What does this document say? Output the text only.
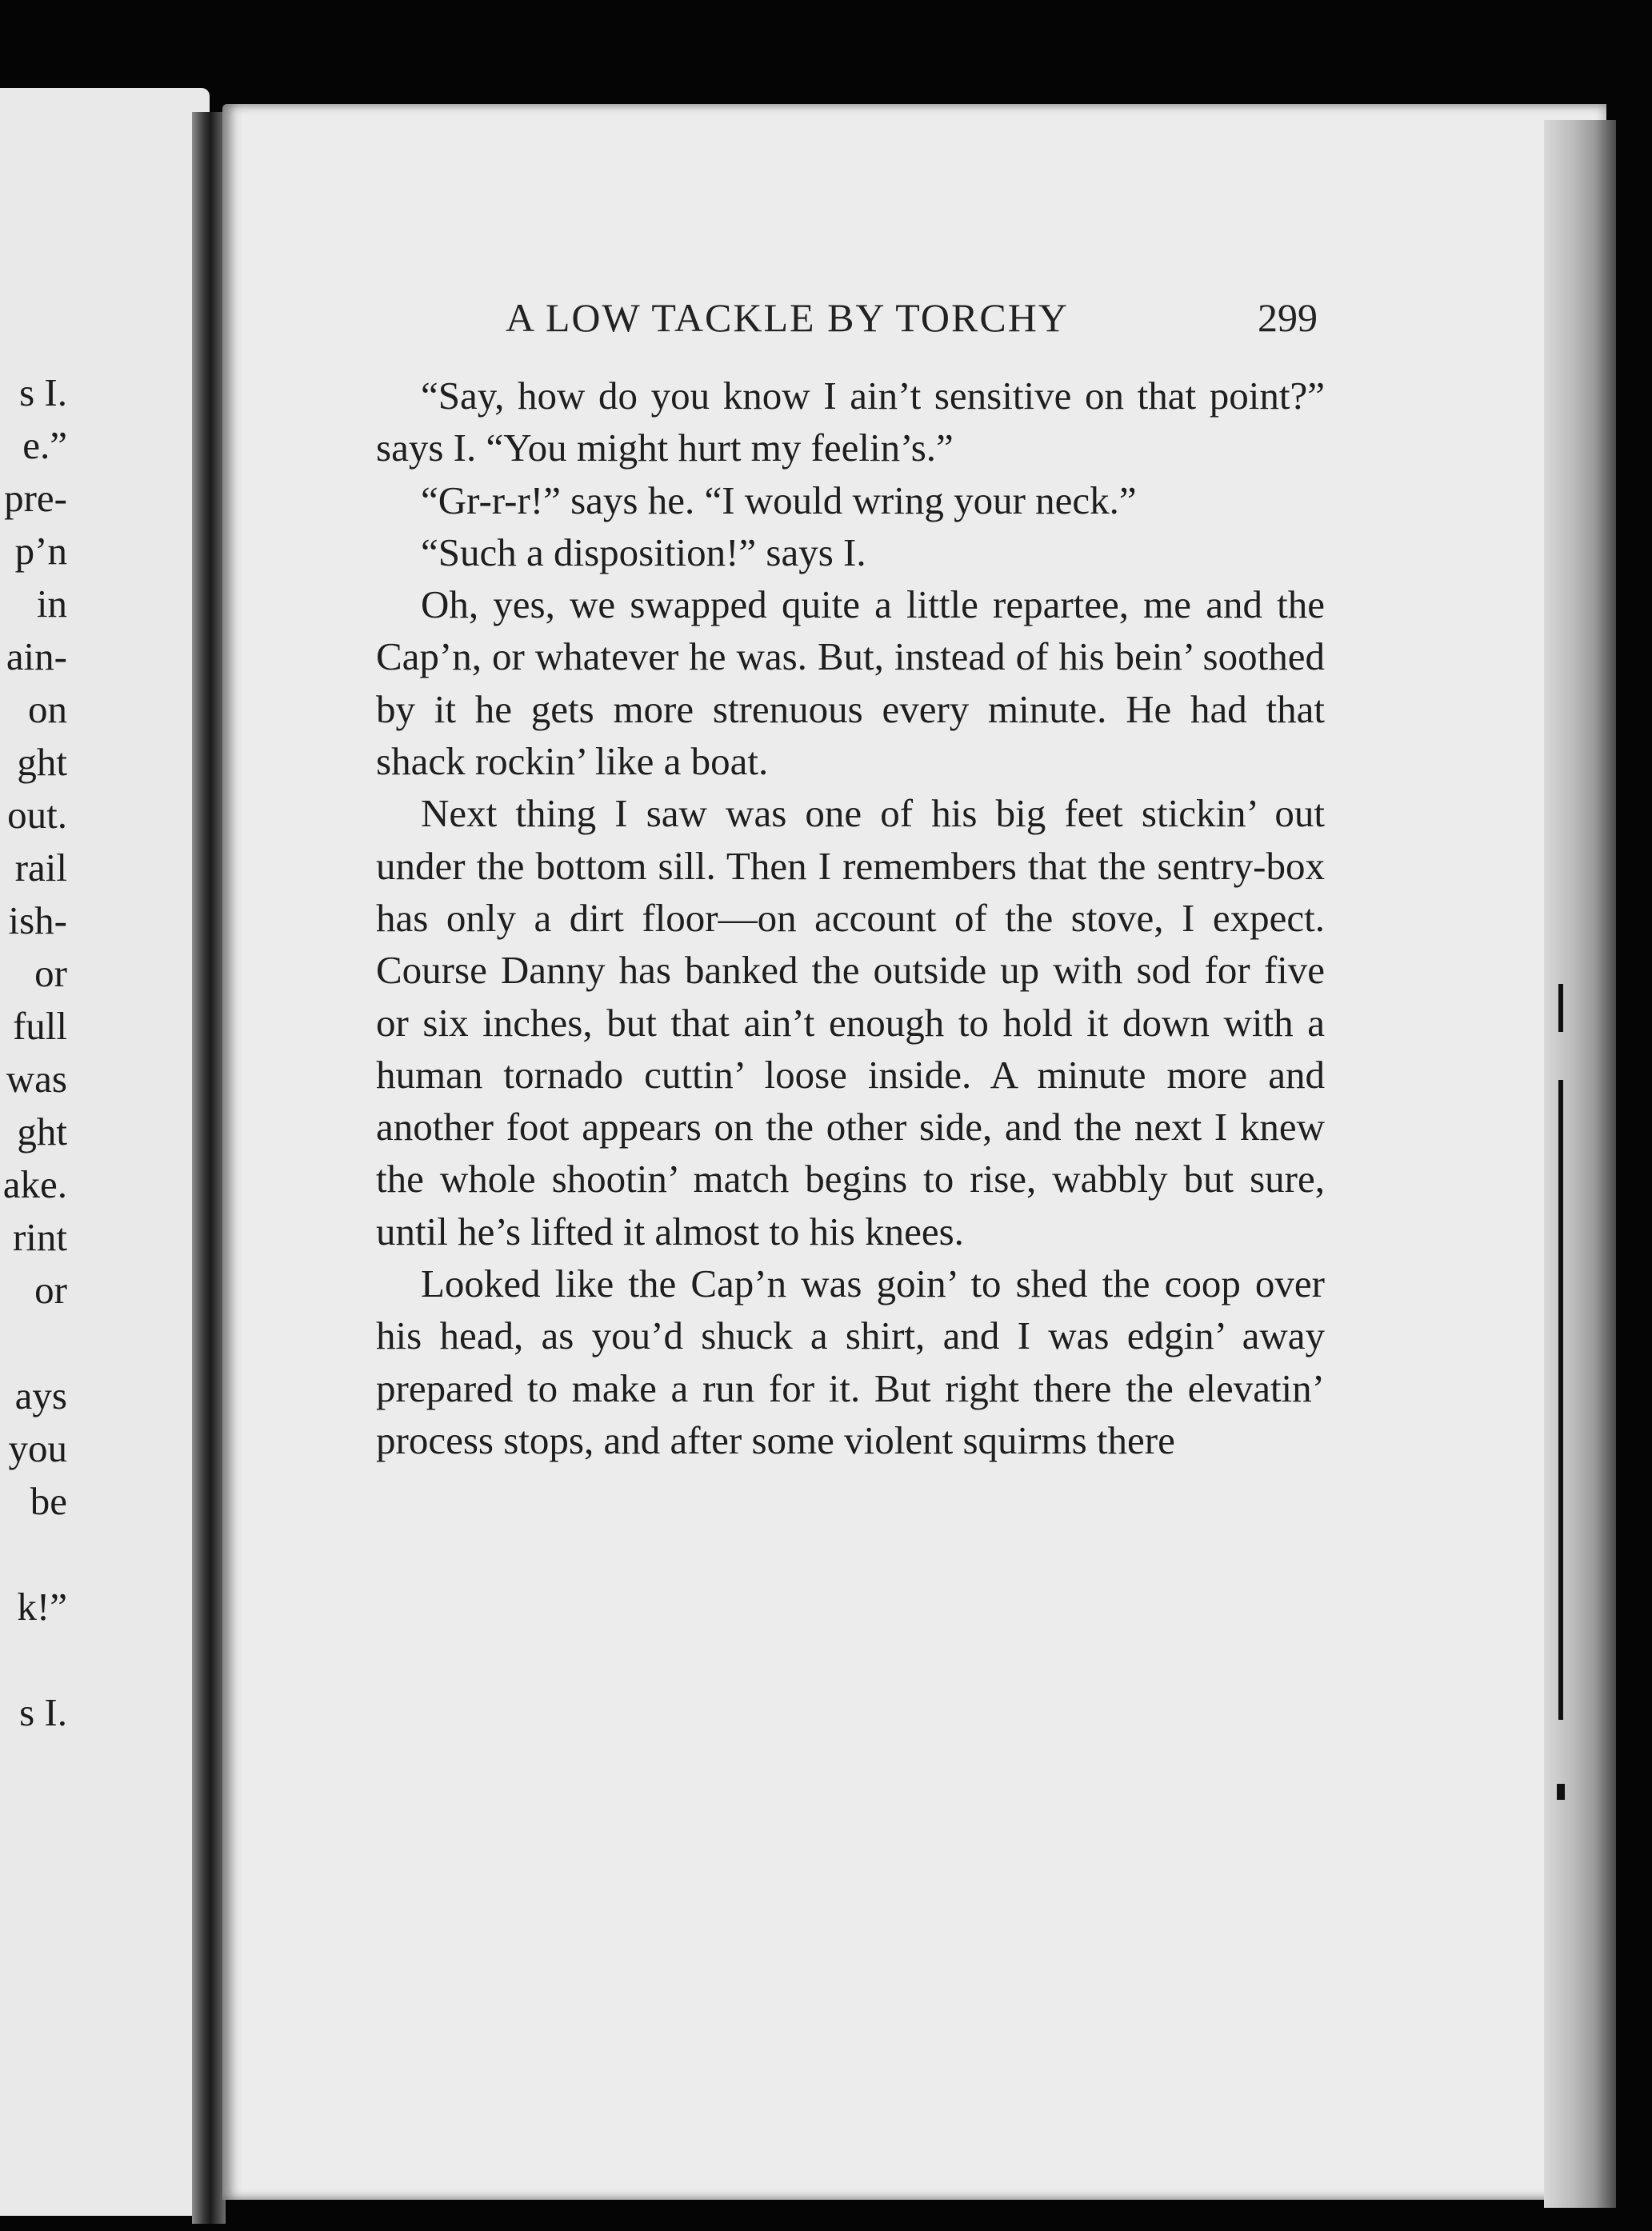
s I.
e.”
pre-
p’n
in
ain-
on
ght
out.
rail
ish-
or
full
was
ght
ake.
rint
or
ays
you
be
k!”
s I.
A LOW TACKLE BY TORCHY	299

“Say, how do you know I ain’t sensitive on that point?” says I. “You might hurt my feelin’s.”

“Gr-r-r!” says he. “I would wring your neck.”

“Such a disposition!” says I.

Oh, yes, we swapped quite a little repartee, me and the Cap’n, or whatever he was. But, instead of his bein’ soothed by it he gets more strenuous every minute. He had that shack rockin’ like a boat.

Next thing I saw was one of his big feet stickin’ out under the bottom sill. Then I remembers that the sentry-box has only a dirt floor—on account of the stove, I expect. Course Danny has banked the outside up with sod for five or six inches, but that ain’t enough to hold it down with a human tornado cuttin’ loose inside. A minute more and another foot appears on the other side, and the next I knew the whole shootin’ match begins to rise, wabbly but sure, until he’s lifted it almost to his knees.

Looked like the Cap’n was goin’ to shed the coop over his head, as you’d shuck a shirt, and I was edgin’ away prepared to make a run for it. But right there the elevatin’ process stops, and after some violent squirms there
